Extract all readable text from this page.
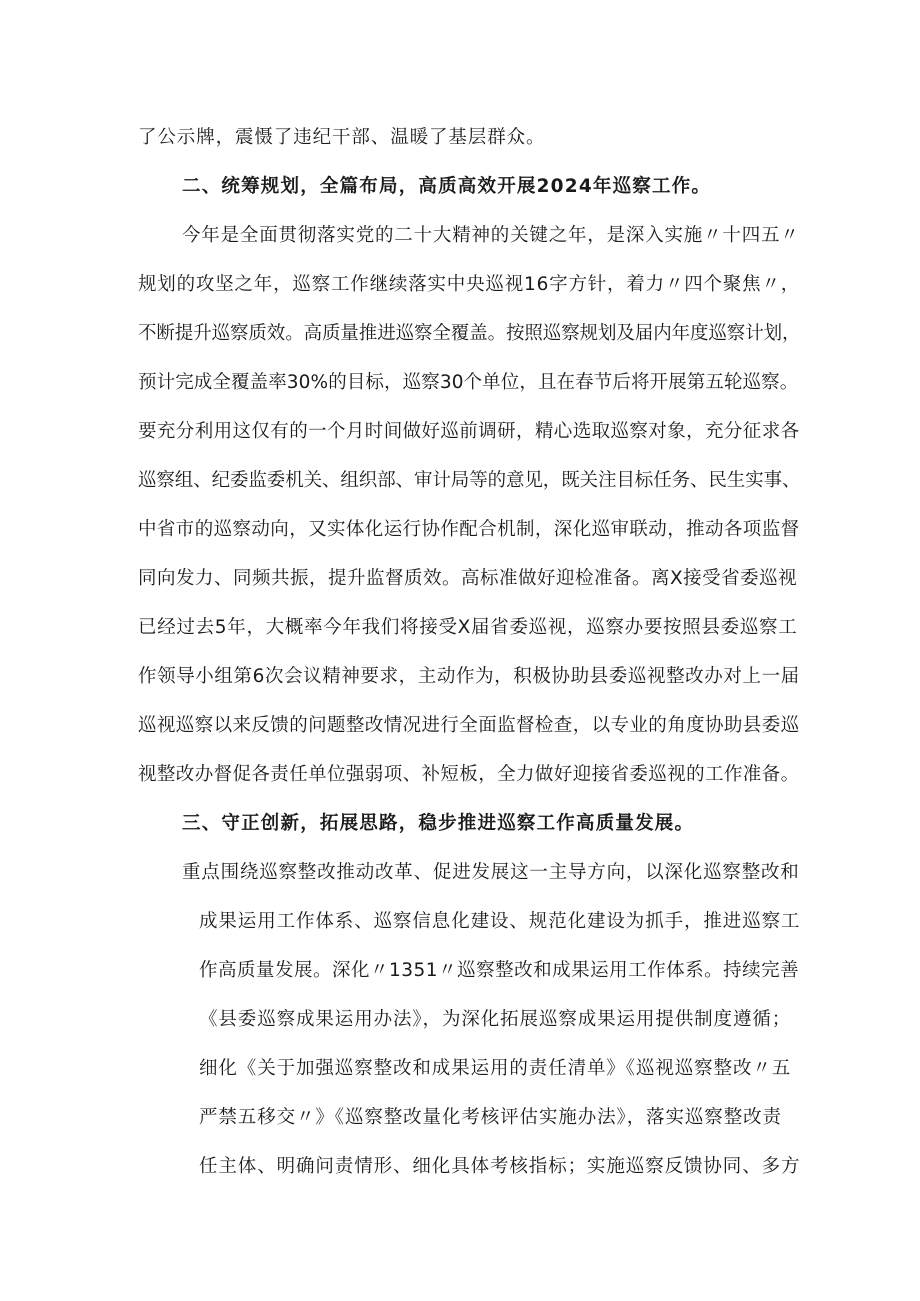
了公示牌，震慑了违纪干部、温暖了基层群众。
二、统筹规划，全篇布局，高质高效开展2024年巡察工作。
今年是全面贯彻落实党的二十大精神的关键之年，是深入实施〃十四五〃
规划的攻坚之年，巡察工作继续落实中央巡视16字方针，着力〃四个聚焦〃，
不断提升巡察质效。高质量推进巡察全覆盖。按照巡察规划及届内年度巡察计划，
预计完成全覆盖率30%的目标，巡察30个单位，且在春节后将开展第五轮巡察。
要充分利用这仅有的一个月时间做好巡前调研，精心选取巡察对象，充分征求各
巡察组、纪委监委机关、组织部、审计局等的意见，既关注目标任务、民生实事、
中省市的巡察动向，又实体化运行协作配合机制，深化巡审联动，推动各项监督
同向发力、同频共振，提升监督质效。高标准做好迎检准备。离X接受省委巡视
已经过去5年，大概率今年我们将接受X届省委巡视，巡察办要按照县委巡察工
作领导小组第6次会议精神要求，主动作为，积极协助县委巡视整改办对上一届
巡视巡察以来反馈的问题整改情况进行全面监督检查，以专业的角度协助县委巡
视整改办督促各责任单位强弱项、补短板，全力做好迎接省委巡视的工作准备。
三、守正创新，拓展思路，稳步推进巡察工作高质量发展。
重点围绕巡察整改推动改革、促进发展这一主导方向，以深化巡察整改和
成果运用工作体系、巡察信息化建设、规范化建设为抓手，推进巡察工
作高质量发展。深化〃1351〃巡察整改和成果运用工作体系。持续完善
《县委巡察成果运用办法》，为深化拓展巡察成果运用提供制度遵循；
细化《关于加强巡察整改和成果运用的责任清单》《巡视巡察整改〃五
严禁五移交〃》《巡察整改量化考核评估实施办法》，落实巡察整改责
任主体、明确问责情形、细化具体考核指标；实施巡察反馈协同、多方
